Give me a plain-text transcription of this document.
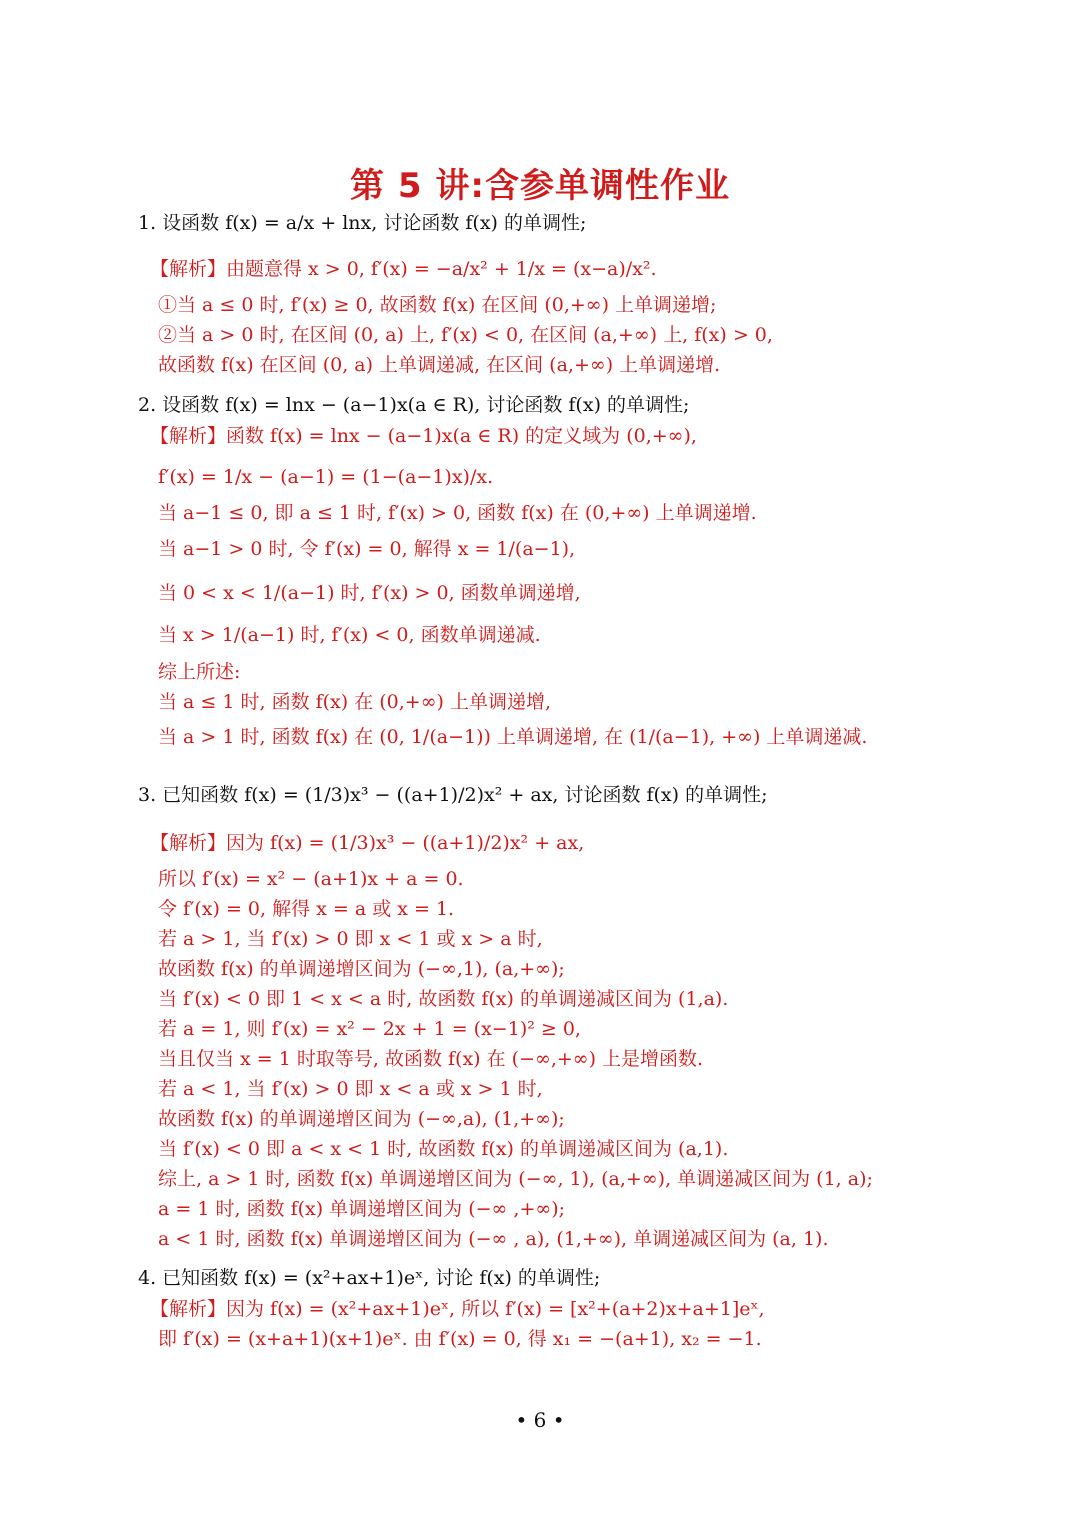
第 5 讲:含参单调性作业
1. 设函数 f(x) = a/x + lnx, 讨论函数 f(x) 的单调性;
【解析】由题意得 x > 0, f′(x) = −a/x² + 1/x = (x−a)/x².
①当 a ≤ 0 时, f′(x) ≥ 0, 故函数 f(x) 在区间 (0,+∞) 上单调递增;
②当 a > 0 时, 在区间 (0, a) 上, f′(x) < 0, 在区间 (a,+∞) 上, f(x) > 0,
故函数 f(x) 在区间 (0, a) 上单调递减, 在区间 (a,+∞) 上单调递增.
2. 设函数 f(x) = lnx − (a−1)x(a ∈ R), 讨论函数 f(x) 的单调性;
【解析】函数 f(x) = lnx − (a−1)x(a ∈ R) 的定义域为 (0,+∞),
f′(x) = 1/x − (a−1) = (1−(a−1)x)/x.
当 a−1 ≤ 0, 即 a ≤ 1 时, f′(x) > 0, 函数 f(x) 在 (0,+∞) 上单调递增.
当 a−1 > 0 时, 令 f′(x) = 0, 解得 x = 1/(a−1),
当 0 < x < 1/(a−1) 时, f′(x) > 0, 函数单调递增,
当 x > 1/(a−1) 时, f′(x) < 0, 函数单调递减.
综上所述:
当 a ≤ 1 时, 函数 f(x) 在 (0,+∞) 上单调递增,
当 a > 1 时, 函数 f(x) 在 (0, 1/(a−1)) 上单调递增, 在 (1/(a−1), +∞) 上单调递减.
3. 已知函数 f(x) = (1/3)x³ − ((a+1)/2)x² + ax, 讨论函数 f(x) 的单调性;
【解析】因为 f(x) = (1/3)x³ − ((a+1)/2)x² + ax,
所以 f′(x) = x² − (a+1)x + a = 0.
令 f′(x) = 0, 解得 x = a 或 x = 1.
若 a > 1, 当 f′(x) > 0 即 x < 1 或 x > a 时,
故函数 f(x) 的单调递增区间为 (−∞,1), (a,+∞);
当 f′(x) < 0 即 1 < x < a 时, 故函数 f(x) 的单调递减区间为 (1,a).
若 a = 1, 则 f′(x) = x² − 2x + 1 = (x−1)² ≥ 0,
当且仅当 x = 1 时取等号, 故函数 f(x) 在 (−∞,+∞) 上是增函数.
若 a < 1, 当 f′(x) > 0 即 x < a 或 x > 1 时,
故函数 f(x) 的单调递增区间为 (−∞,a), (1,+∞);
当 f′(x) < 0 即 a < x < 1 时, 故函数 f(x) 的单调递减区间为 (a,1).
综上, a > 1 时, 函数 f(x) 单调递增区间为 (−∞, 1), (a,+∞), 单调递减区间为 (1, a);
a = 1 时, 函数 f(x) 单调递增区间为 (−∞ ,+∞);
a < 1 时, 函数 f(x) 单调递增区间为 (−∞ , a), (1,+∞), 单调递减区间为 (a, 1).
4. 已知函数 f(x) = (x²+ax+1)eˣ, 讨论 f(x) 的单调性;
【解析】因为 f(x) = (x²+ax+1)eˣ, 所以 f′(x) = [x²+(a+2)x+a+1]eˣ,
即 f′(x) = (x+a+1)(x+1)eˣ. 由 f′(x) = 0, 得 x₁ = −(a+1), x₂ = −1.
• 6 •
